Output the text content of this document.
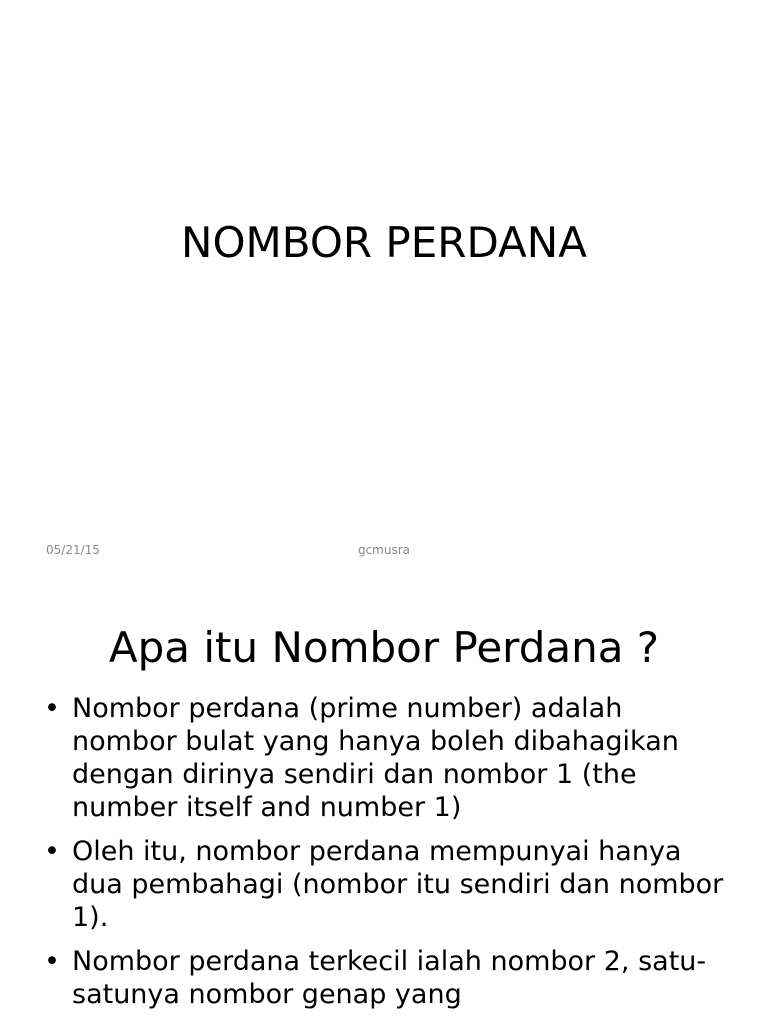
NOMBOR PERDANA
05/21/15	gcmusra
Apa itu Nombor Perdana ?
• Nombor perdana (prime number) adalah nombor bulat yang hanya boleh dibahagikan dengan dirinya sendiri dan nombor 1 (the number itself and number 1)
• Oleh itu, nombor perdana mempunyai hanya dua pembahagi (nombor itu sendiri dan nombor 1).
• Nombor perdana terkecil ialah nombor 2, satu-satunya nombor genap yang
